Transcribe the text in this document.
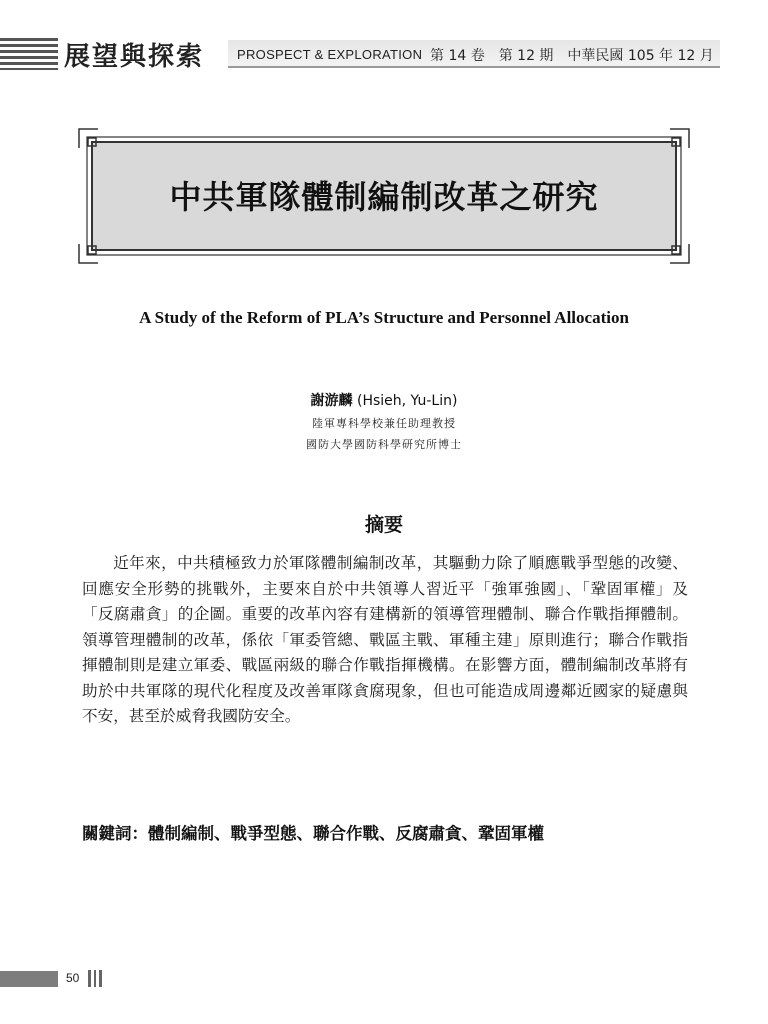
展望與探索	PROSPECT & EXPLORATION 第 14 卷　第 12 期　中華民國 105 年 12 月
中共軍隊體制編制改革之研究
A Study of the Reform of PLA’s Structure and Personnel Allocation
謝游麟 (Hsieh, Yu-Lin)
陸軍專科學校兼任助理教授
國防大學國防科學研究所博士
摘要

近年來，中共積極致力於軍隊體制編制改革，其驅動力除了順應戰爭型態的改變、回應安全形勢的挑戰外，主要來自於中共領導人習近平「強軍強國」、「鞏固軍權」及「反腐肅貪」的企圖。重要的改革內容有建構新的領導管理體制、聯合作戰指揮體制。領導管理體制的改革，係依「軍委管總、戰區主戰、軍種主建」原則進行；聯合作戰指揮體制則是建立軍委、戰區兩級的聯合作戰指揮機構。在影響方面，體制編制改革將有助於中共軍隊的現代化程度及改善軍隊貪腐現象，但也可能造成周邊鄰近國家的疑慮與不安，甚至於威脅我國防安全。

關鍵詞：體制編制、戰爭型態、聯合作戰、反腐肅貪、鞏固軍權
50
